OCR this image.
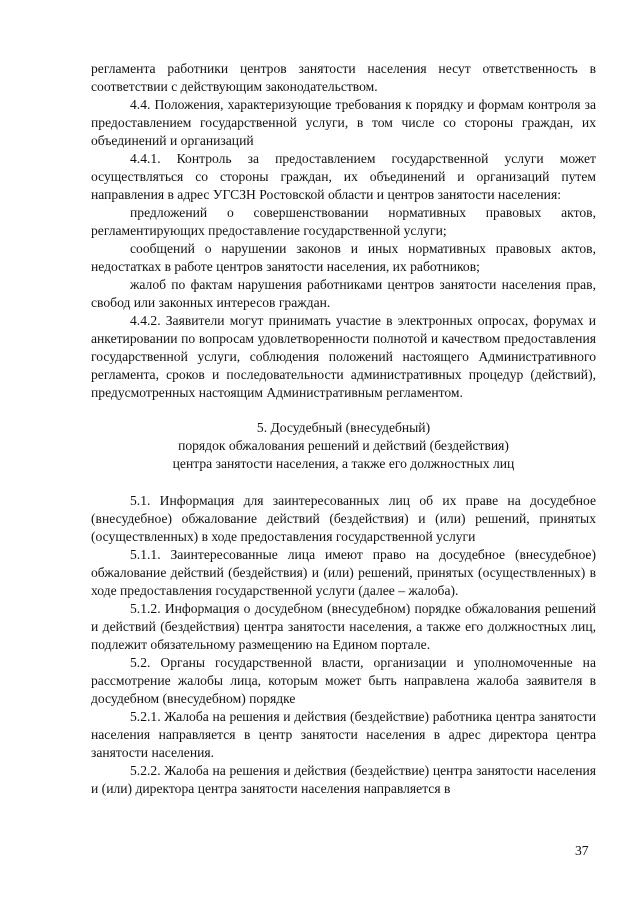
регламента работники центров занятости населения несут ответственность в соответствии с действующим законодательством.

4.4. Положения, характеризующие требования к порядку и формам контроля за предоставлением государственной услуги, в том числе со стороны граждан, их объединений и организаций

4.4.1. Контроль за предоставлением государственной услуги может осуществляться со стороны граждан, их объединений и организаций путем направления в адрес УГСЗН Ростовской области и центров занятости населения:

предложений о совершенствовании нормативных правовых актов, регламентирующих предоставление государственной услуги;

сообщений о нарушении законов и иных нормативных правовых актов, недостатках в работе центров занятости населения, их работников;

жалоб по фактам нарушения работниками центров занятости населения прав, свобод или законных интересов граждан.

4.4.2. Заявители могут принимать участие в электронных опросах, форумах и анкетировании по вопросам удовлетворенности полнотой и качеством предоставления государственной услуги, соблюдения положений настоящего Административного регламента, сроков и последовательности административных процедур (действий), предусмотренных настоящим Административным регламентом.

5. Досудебный (внесудебный)
порядок обжалования решений и действий (бездействия)
центра занятости населения, а также его должностных лиц

5.1. Информация для заинтересованных лиц об их праве на досудебное (внесудебное) обжалование действий (бездействия) и (или) решений, принятых (осуществленных) в ходе предоставления государственной услуги

5.1.1. Заинтересованные лица имеют право на досудебное (внесудебное) обжалование действий (бездействия) и (или) решений, принятых (осуществленных) в ходе предоставления государственной услуги (далее – жалоба).

5.1.2. Информация о досудебном (внесудебном) порядке обжалования решений и действий (бездействия) центра занятости населения, а также его должностных лиц, подлежит обязательному размещению на Едином портале.

5.2. Органы государственной власти, организации и уполномоченные на рассмотрение жалобы лица, которым может быть направлена жалоба заявителя в досудебном (внесудебном) порядке

5.2.1. Жалоба на решения и действия (бездействие) работника центра занятости населения направляется в центр занятости населения в адрес директора центра занятости населения.

5.2.2. Жалоба на решения и действия (бездействие) центра занятости населения и (или) директора центра занятости населения направляется в

37
